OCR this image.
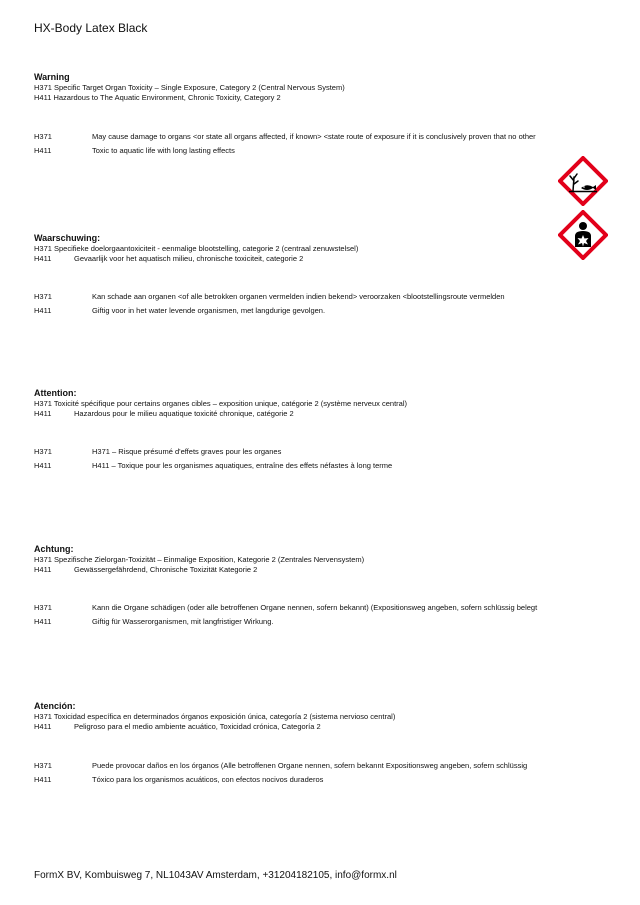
HX-Body Latex Black
Warning
H371 Specific Target Organ Toxicity – Single Exposure, Category 2 (Central Nervous System)
H411 Hazardous to The Aquatic Environment, Chronic Toxicity, Category 2
H371	May cause damage to organs <or state all organs affected, if known> <state route of exposure if it is conclusively proven that no other
H411	Toxic to aquatic life with long lasting effects
Waarschuwing:
H371 Specifieke doelorgaantoxiciteit - eenmalige blootstelling, categorie 2 (centraal zenuwstelsel)
H411	Gevaarlijk voor het aquatisch milieu, chronische toxiciteit, categorie 2
H371	Kan schade aan organen <of alle betrokken organen vermelden indien bekend> veroorzaken <blootstellingsroute vermelden
H411	Giftig voor in het water levende organismen, met langdurige gevolgen.
Attention:
H371 Toxicité spécifique pour certains organes cibles – exposition unique, catégorie 2 (système nerveux central)
H411	Hazardous pour le milieu aquatique toxicité chronique, catégorie 2
H371	H371 – Risque présumé d'effets graves pour les organes
H411	H411 – Toxique pour les organismes aquatiques, entraîne des effets néfastes à long terme
Achtung:
H371 Spezifische Zielorgan-Toxizität – Einmalige Exposition, Kategorie 2 (Zentrales Nervensystem)
H411	Gewässergefährdend, Chronische Toxizität Kategorie 2
H371	Kann die Organe schädigen (oder alle betroffenen Organe nennen, sofern bekannt) (Expositionsweg angeben, sofern schlüssig belegt
H411	Giftig für Wasserorganismen, mit langfristiger Wirkung.
Atención:
H371 Toxicidad específica en determinados órganos exposición única, categoría 2 (sistema nervioso central)
H411	Peligroso para el medio ambiente acuático, Toxicidad crónica, Categoría 2
H371	Puede provocar daños en los órganos (Alle betroffenen Organe nennen, sofern bekannt Expositionsweg angeben, sofern schlüssig
H411	Tóxico para los organismos acuáticos, con efectos nocivos duraderos
FormX BV, Kombuisweg 7, NL1043AV Amsterdam, +31204182105, info@formx.nl
